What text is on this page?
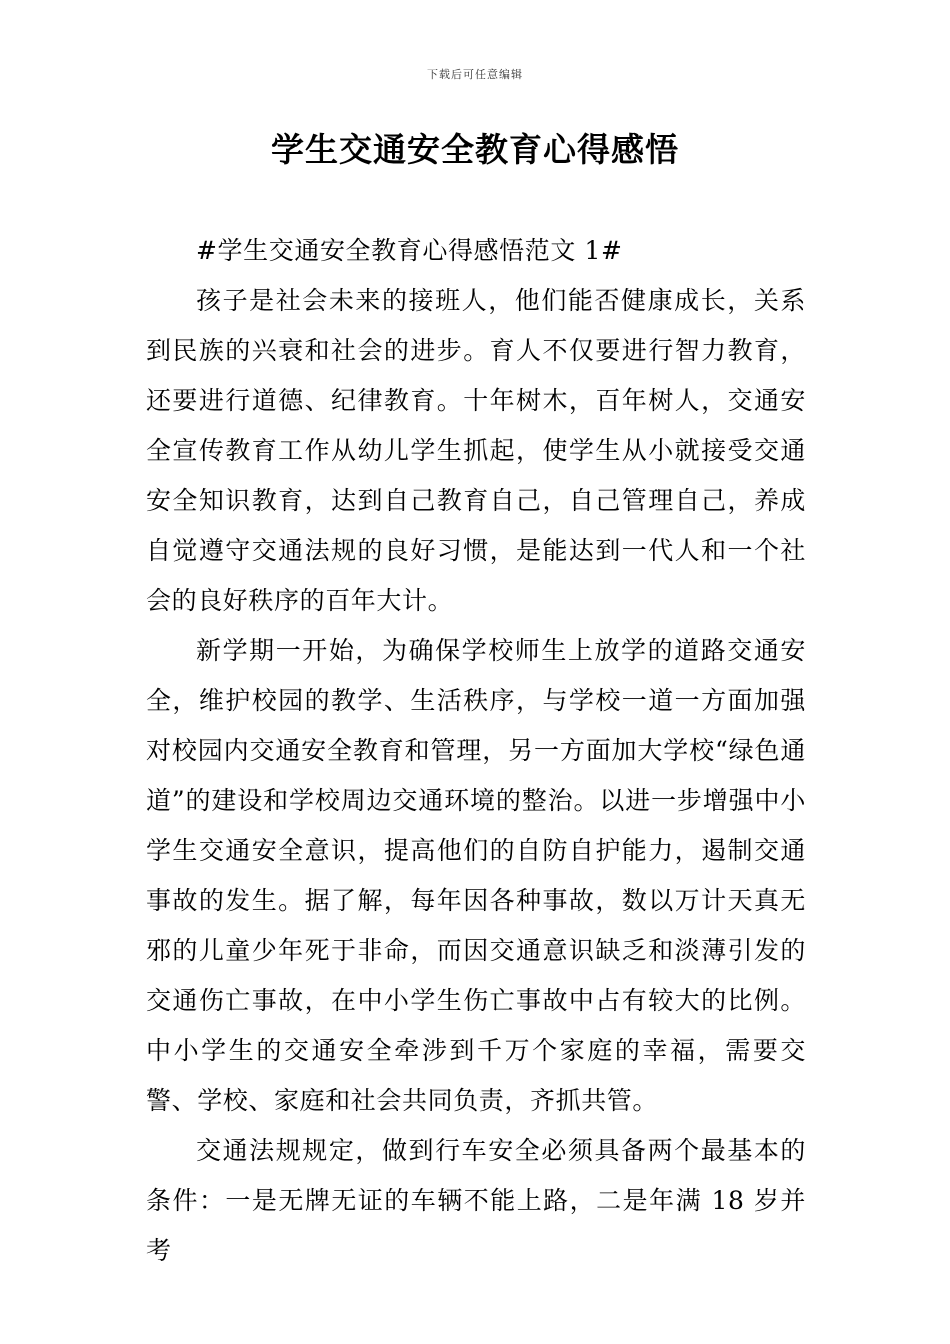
下载后可任意编辑
学生交通安全教育心得感悟

#学生交通安全教育心得感悟范文 1#

孩子是社会未来的接班人，他们能否健康成长，关系到民族的兴衰和社会的进步。育人不仅要进行智力教育，还要进行道德、纪律教育。十年树木，百年树人，交通安全宣传教育工作从幼儿学生抓起，使学生从小就接受交通安全知识教育，达到自己教育自己，自己管理自己，养成自觉遵守交通法规的良好习惯，是能达到一代人和一个社会的良好秩序的百年大计。

新学期一开始，为确保学校师生上放学的道路交通安全，维护校园的教学、生活秩序，与学校一道一方面加强对校园内交通安全教育和管理，另一方面加大学校“绿色通道”的建设和学校周边交通环境的整治。以进一步增强中小学生交通安全意识，提高他们的自防自护能力，遏制交通事故的发生。据了解，每年因各种事故，数以万计天真无邪的儿童少年死于非命，而因交通意识缺乏和淡薄引发的交通伤亡事故，在中小学生伤亡事故中占有较大的比例。中小学生的交通安全牵涉到千万个家庭的幸福，需要交警、学校、家庭和社会共同负责，齐抓共管。

交通法规规定，做到行车安全必须具备两个最基本的条件：一是无牌无证的车辆不能上路，二是年满 18 岁并考
